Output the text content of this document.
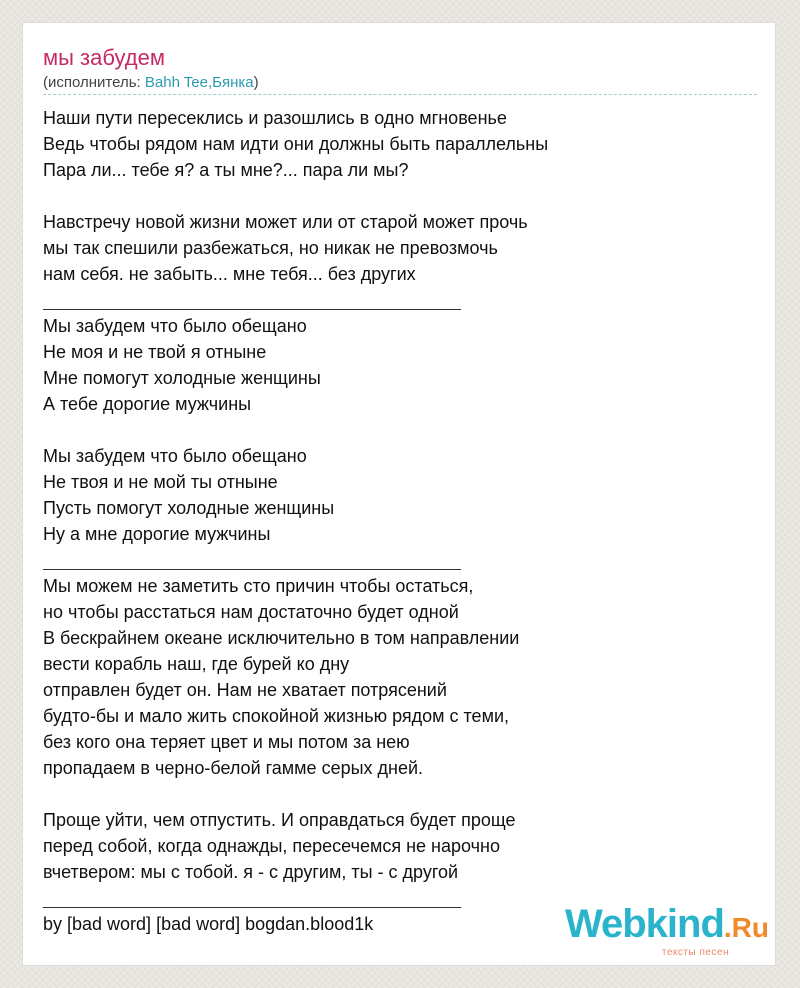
мы забудем
(исполнитель: Bahh Tee,Бянка)
Наши пути пересеклись и разошлись в одно мгновенье
Ведь чтобы рядом нам идти они должны быть параллельны
Пара ли... тебе я? а ты мне?... пара ли мы?
Навстречу новой жизни может или от старой может прочь
мы так спешили разбежаться, но никак не превозмочь
нам себя. не забыть... мне тебя... без других
Мы забудем что было обещано
Не моя и не твой я отныне
Мне помогут холодные женщины
А тебе дорогие мужчины
Мы забудем что было обещано
Не твоя и не мой ты отныне
Пусть помогут холодные женщины
Ну а мне дорогие мужчины
Мы можем не заметить сто причин чтобы остаться,
но чтобы расстаться нам достаточно будет одной
В бескрайнем океане исключительно в том направлении
вести корабль наш, где бурей ко дну
отправлен будет он. Нам не хватает потрясений
будто-бы и мало жить спокойной жизнью рядом с теми,
без кого она теряет цвет и мы потом за нею
пропадаем в черно-белой гамме серых дней.
Проще уйти, чем отпустить. И оправдаться будет проще
перед собой, когда однажды, пересечемся не нарочно
вчетвером: мы с тобой. я - с другим, ты - с другой
by [bad word] [bad word] bogdan.blood1k	Webkind.Ru
тексты песен
